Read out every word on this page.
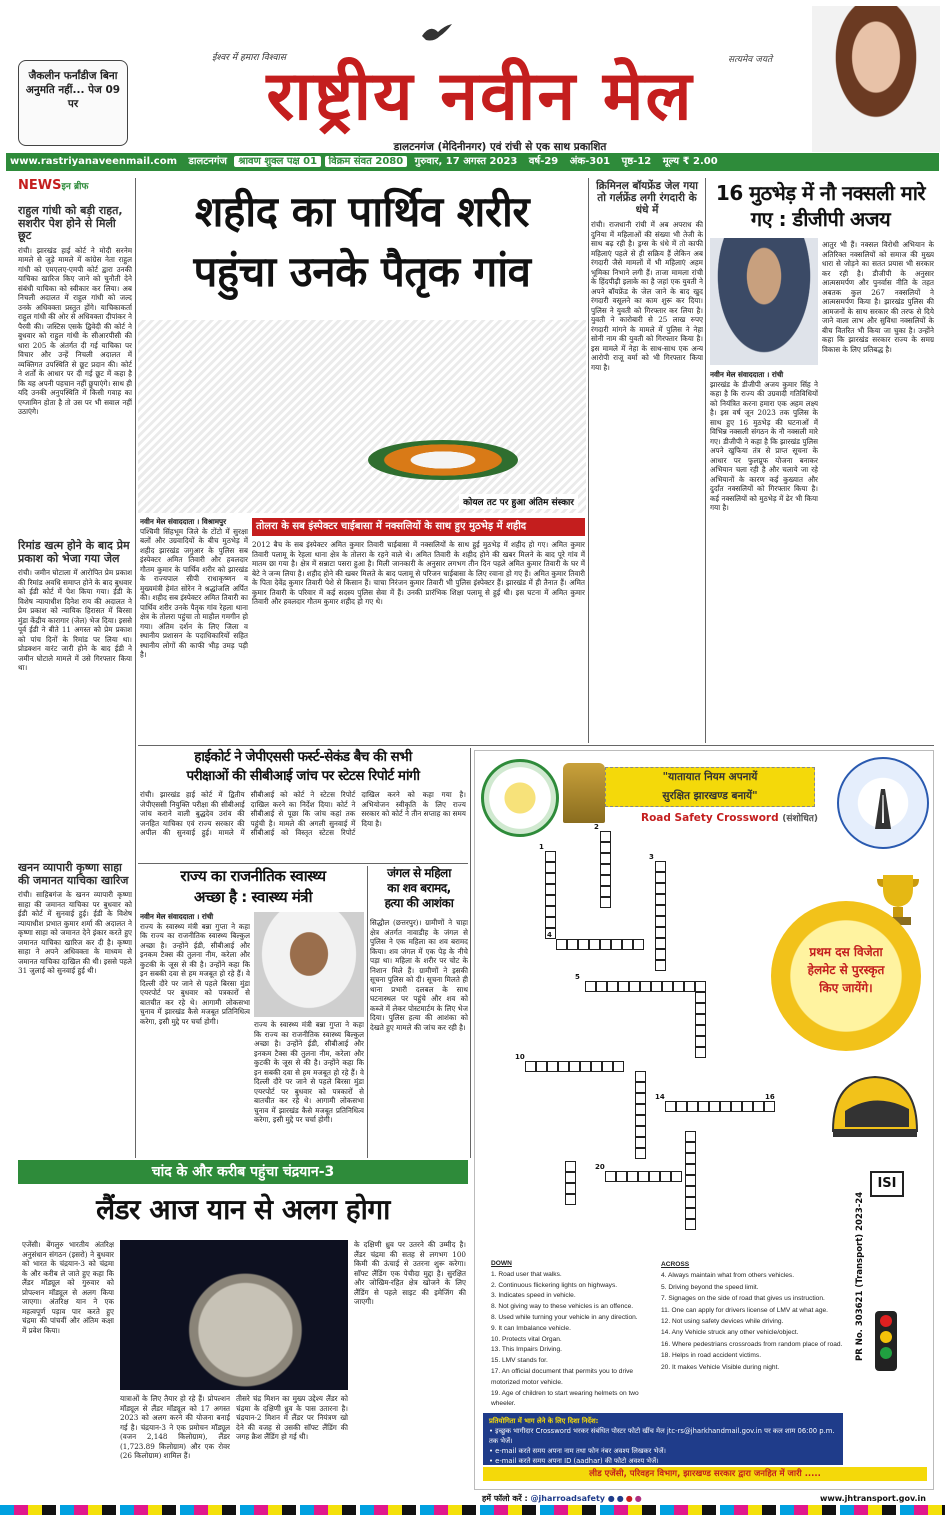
जैकलीन फर्नांडीज बिना अनुमति नहीं... पेज 09 पर
ईश्वर में हमारा विश्वास	सत्यमेव जयते
राष्ट्रीय नवीन मेल
डालटनगंज (मेदिनीनगर) एवं रांची से एक साथ प्रकाशित
www.rastriyanaveenmail.com डालटनगंज श्रावण शुक्ल पक्ष 01 विक्रम संवत 2080 गुरुवार, 17 अगस्त 2023 वर्ष-29 अंक-301 पृष्ठ-12 मूल्य ₹ 2.00
NEWSइन ब्रीफ
राहुल गांधी को बड़ी राहत, सशरीर पेश होने से मिली छूट
रांची। झारखंड हाई कोर्ट ने मोदी सरनेम मामले से जुड़े मामले में कांग्रेस नेता राहुल गांधी को एमएलए-एमपी कोर्ट द्वारा उनकी याचिका खारिज किए जाने को चुनौती देने संबंधी याचिका को स्वीकार कर लिया। अब निचली अदालत में राहुल गांधी को जल्द उनके अधिवक्ता प्रस्तुत होंगे। याचिकाकर्ता राहुल गांधी की ओर से अधिवक्ता दीपांकर ने पैरवी की। जस्टिस एसके द्विवेदी की कोर्ट ने बुधवार को राहुल गांधी के सीआरपीसी की धारा 205 के अंतर्गत दी गई याचिका पर विचार और उन्हें निचली अदालत में व्यक्तिगत उपस्थिति से छूट प्रदान की। कोर्ट ने शर्तों के आधार पर दी गई छूट में कहा है कि यह अपनी पहचान नहीं छुपाएंगे। साथ ही यदि उनकी अनुपस्थिति में किसी गवाह का एग्जामिन होता है तो उस पर भी सवाल नहीं उठाएंगे।
रिमांड खत्म होने के बाद प्रेम प्रकाश को भेजा गया जेल
रांची। जमीन घोटाला में आरोपित प्रेम प्रकाश की रिमांड अवधि समाप्त होने के बाद बुधवार को ईडी कोर्ट में पेश किया गया। ईडी के विशेष न्यायाधीश दिनेश राय की अदालत ने प्रेम प्रकाश को न्यायिक हिरासत में बिरसा मुंडा केंद्रीय कारागार (जेल) भेज दिया। इससे पूर्व ईडी ने बीते 11 अगस्त को प्रेम प्रकाश को पांच दिनों के रिमांड पर लिया था। प्रोडक्शन वारंट जारी होने के बाद ईडी ने जमीन घोटाले मामले में उसे गिरफ्तार किया था।
खनन व्यापारी कृष्णा साहा की जमानत याचिका खारिज
रांची। साहिबगंज के खनन व्यापारी कृष्णा साहा की जमानत याचिका पर बुधवार को ईडी कोर्ट में सुनवाई हुई। ईडी के विशेष न्यायाधीश प्रभात कुमार शर्मा की अदालत ने कृष्णा साहा को जमानत देने इंकार करते हुए जमानत याचिका खारिज कर दी है। कृष्णा साहा ने अपने अधिवक्ता के माध्यम से जमानत याचिका दाखिल की थी। इससे पहले 31 जुलाई को सुनवाई हुई थी।
शहीद का पार्थिव शरीर
पहुंचा उनके पैतृक गांव
कोयल तट पर हुआ अंतिम संस्कार
नवीन मेल संवाददाता । विश्रामपुर
पश्चिमी सिंहभूम जिले के टोंटो में सुरक्षा बलों और उग्रवादियों के बीच मुठभेड़ में शहीद झारखंड जगुआर के पुलिस सब इंस्पेक्टर अमित तिवारी और हवलदार गौतम कुमार के पार्थिव शरीर को झारखंड के राज्यपाल सीपी राधाकृष्णन व मुख्यमंत्री हेमंत सोरेन ने श्रद्धांजलि अर्पित की। शहीद सब इंस्पेक्टर अमित तिवारी का पार्थिव शरीर उनके पैतृक गांव रेहला थाना क्षेत्र के तोलरा पहुंचा तो माहौल गमगीन हो गया। अंतिम दर्शन के लिए जिला व स्थानीय प्रशासन के पदाधिकारियों सहित स्थानीय लोगों की काफी भीड़ उमड़ पड़ी है।
तोलरा के सब इंस्पेक्टर चाईबासा में नक्सलियों के साथ हुए मुठभेड़ में शहीद
2012 बैच के सब इंस्पेक्टर अमित कुमार तिवारी चाईबासा में नक्सलियों के साथ हुई मुठभेड़ में शहीद हो गए। अमित कुमार तिवारी पलामू के रेहला थाना क्षेत्र के तोलरा के रहने वाले थे। अमित तिवारी के शहीद होने की खबर मिलने के बाद पूरे गांव में मातम छा गया है। क्षेत्र में सन्नाटा पसरा हुआ है। मिली जानकारी के अनुसार लगभग तीन दिन पहले अमित कुमार तिवारी के घर में बेटे ने जन्म लिया है। शहीद होने की खबर मिलते के बाद पलामू से परिजन चाईबासा के लिए रवाना हो गए हैं। अमित कुमार तिवारी के पिता देवेंद्र कुमार तिवारी पेशे से किसान हैं। चाचा निरंजन कुमार तिवारी भी पुलिस इंस्पेक्टर हैं। झारखंड में ही तैनात हैं। अमित कुमार तिवारी के परिवार में कई सदस्य पुलिस सेवा में हैं। उनकी प्रारंभिक शिक्षा पलामू से हुई थी। इस घटना में अमित कुमार तिवारी और हवलदार गौतम कुमार शहीद हो गए थे।
क्रिमिनल बॉयफ्रेंड जेल गया तो गर्लफ्रेंड लगी रंगदारी के धंधे में
रांची। राजधानी रांची में अब अपराध की दुनिया में महिलाओं की संख्या भी तेजी के साथ बढ़ रही है। ड्रग्स के धंधे में तो काफी महिलाएं पहले से ही सक्रिय हैं लेकिन अब रंगदारी जैसे मामलों में भी महिलाएं अहम भूमिका निभाने लगी हैं। ताजा मामला रांची के हिंदपीढ़ी इलाके का है जहां एक युवती ने अपने बॉयफ्रेंड के जेल जाने के बाद खुद रंगदारी वसूलने का काम शुरू कर दिया। पुलिस ने युवती को गिरफ्तार कर लिया है। युवती ने कारोबारी से 25 लाख रुपए रंगदारी मांगने के मामले में पुलिस ने नेहा सोनी नाम की युवती को गिरफ्तार किया है। इस मामले में नेहा के साथ-साथ एक अन्य आरोपी राजू वर्मा को भी गिरफ्तार किया गया है।
16 मुठभेड़ में नौ नक्सली मारे गए : डीजीपी अजय
नवीन मेल संवाददाता । रांची
झारखंड के डीजीपी अजय कुमार सिंह ने कहा है कि राज्य की उग्रवादी गतिविधियों को नियंत्रित करना हमारा एक अहम लक्ष्य है। इस वर्ष जून 2023 तक पुलिस के साथ हुए 16 मुठभेड़ की घटनाओं में विभिन्न नक्सली संगठन के नौ नक्सली मारे गए। डीजीपी ने कहा है कि झारखंड पुलिस अपने खुफिया तंत्र से प्राप्त सूचना के आधार पर फुलप्रूफ योजना बनाकर अभियान चला रही है और चलाये जा रहे अभियानों के कारण कई कुख्यात और दुर्दांत नक्सलियों को गिरफ्तार किया है। कई नक्सलियों को मुठभेड़ में ढेर भी किया गया है।
आतुर भी हैं। नक्सल विरोधी अभियान के अतिरिक्त नक्सलियों को समाज की मुख्य धारा से जोड़ने का सतत प्रयास भी सरकार कर रही है। डीजीपी के अनुसार आत्मसमर्पण और पुनर्वास नीति के तहत अबतक कुल 267 नक्सलियों ने आत्मसमर्पण किया है। झारखंड पुलिस की आमजनों के साथ सरकार की तरफ से दिये जाने वाला लाभ और सुविधा नक्सलियों के बीच वितरित भी किया जा चुका है। उन्होंने कहा कि झारखंड सरकार राज्य के समग्र विकास के लिए प्रतिबद्ध है।
हाईकोर्ट ने जेपीएससी फर्स्ट-सेकंड बैच की सभी
परीक्षाओं की सीबीआई जांच पर स्टेटस रिपोर्ट मांगी
रांची। झारखंड हाई कोर्ट में द्वितीय जेपीएससी नियुक्ति परीक्षा की सीबीआई जांच कराने वाली बुद्धदेव उरांव की जनहित याचिका एवं राज्य सरकार की अपील की सुनवाई हुई। मामले में सीबीआई को कोर्ट ने स्टेटस रिपोर्ट दाखिल करने का निर्देश दिया। कोर्ट ने सीबीआई से पूछा कि जांच कहां तक पहुंची है। मामले की अगली सुनवाई में सीबीआई को विस्तृत स्टेटस रिपोर्ट दाखिल करने को कहा गया है। अभियोजन स्वीकृति के लिए राज्य सरकार को कोर्ट ने तीन सप्ताह का समय दिया है।
राज्य का राजनीतिक स्वास्थ्य
अच्छा है : स्वास्थ्य मंत्री
नवीन मेल संवाददाता । रांची
राज्य के स्वास्थ्य मंत्री बन्ना गुप्ता ने कहा कि राज्य का राजनीतिक स्वास्थ्य बिल्कुल अच्छा है। उन्होंने ईडी, सीबीआई और इनकम टैक्स की तुलना नीम, करेला और कुटकी के जूस से की है। उन्होंने कहा कि इन सबकी दवा से हम मजबूत हो रहे हैं। वे दिल्ली दौरे पर जाने से पहले बिरसा मुंडा एयरपोर्ट पर बुधवार को पत्रकारों से बातचीत कर रहे थे। आगामी लोकसभा चुनाव में झारखंड कैसे मजबूत प्रतिनिधित्व करेगा, इसी मुद्दे पर चर्चा होगी।	राज्य के स्वास्थ्य मंत्री बन्ना गुप्ता ने कहा कि राज्य का राजनीतिक स्वास्थ्य बिल्कुल अच्छा है। उन्होंने ईडी, सीबीआई और इनकम टैक्स की तुलना नीम, करेला और कुटकी के जूस से की है। उन्होंने कहा कि इन सबकी दवा से हम मजबूत हो रहे हैं। वे दिल्ली दौरे पर जाने से पहले बिरसा मुंडा एयरपोर्ट पर बुधवार को पत्रकारों से बातचीत कर रहे थे। आगामी लोकसभा चुनाव में झारखंड कैसे मजबूत प्रतिनिधित्व करेगा, इसी मुद्दे पर चर्चा होगी।
जंगल से महिला
का शव बरामद,
हत्या की आशंका
सिद्धौल (छत्तरपुर)। ग्रामीणों ने चाहा क्षेत्र अंतर्गत नावाडीह के जंगल से पुलिस ने एक महिला का शव बरामद किया। शव जंगल में एक पेड़ के नीचे पड़ा था। महिला के शरीर पर चोट के निशान मिले हैं। ग्रामीणों ने इसकी सूचना पुलिस को दी। सूचना मिलते ही थाना प्रभारी दलबल के साथ घटनास्थल पर पहुंचे और शव को कब्जे में लेकर पोस्टमार्टम के लिए भेज दिया। पुलिस हत्या की आशंका को देखते हुए मामले की जांच कर रही है।
"यातायात नियम अपनायें
सुरक्षित झारखण्ड बनायें"
Road Safety Crossword (संशोधित)
1
2
3
4
5
10
14	16
20
प्रथम दस विजेता
हेलमेट से पुरस्कृत
किए जायेंगे।
ISI
DOWN
1. Road user that walks.
2. Continuous flickering lights on highways.
3. Indicates speed in vehicle.
8. Not giving way to these vehicles is an offence.
8. Used while turning your vehicle in any direction.
9. It can Imbalance vehicle.
10. Protects vital Organ.
13. This Impairs Driving.
15. LMV stands for.
17. An official document that permits you to drive motorized motor vehicle.
19. Age of children to start wearing helmets on two wheeler.
ACROSS
4. Always maintain what from others vehicles.
5. Driving beyond the speed limit.
7. Signages on the side of road that gives us instruction.
11. One can apply for drivers license of LMV at what age.
12. Not using safety devices while driving.
14. Any Vehicle struck any other vehicle/object.
16. Where pedestrians crossroads from random place of road.
18. Helps in road accident victims.
20. It makes Vehicle Visible during night.
PR No. 303621 (Transport) 2023-24
प्रतियोगिता में भाग लेने के लिए दिशा निर्देश:
• इच्छुक भागीदार Crossword भरकर संबंधित पोस्टर फोटो खींच मेल jtc-rs@jharkhandmail.gov.in पर कल शाम 06:00 p.m. तक भेजें।
• e-mail करते समय अपना नाम तथा फोन नंबर अवश्य लिखकर भेजें।
• e-mail करते समय अपना ID (aadhar) की फोटो अवश्य भेजें।
लीड एजेंसी, परिवहन विभाग, झारखण्ड सरकार द्वारा जनहित में जारी .....
हमें फॉलो करें : @jharroadsafety ●●●●	www.jhtransport.gov.in
चांद के और करीब पहुंचा चंद्रयान-3
लैंडर आज यान से अलग होगा
एजेंसी। बेंगलुरु भारतीय अंतरिक्ष अनुसंधान संगठन (इसरो) ने बुधवार को भारत के चंद्रयान-3 को चंद्रमा के और करीब ले जाते हुए कहा कि लैंडर मॉड्यूल को गुरुवार को प्रोपल्शन मॉड्यूल से अलग किया जाएगा। अंतरिक्ष यान ने एक महत्वपूर्ण पड़ाव पार करते हुए चंद्रमा की पांचवीं और अंतिम कक्षा में प्रवेश किया।
यात्राओं के लिए तैयार हो रहे हैं। प्रोपल्शन मॉड्यूल से लैंडर मॉड्यूल को 17 अगस्त 2023 को अलग करने की योजना बनाई गई है। चंद्रयान-3 ने एक प्रमोचन मॉड्यूल (वजन 2,148 किलोग्राम), लैंडर (1,723.89 किलोग्राम) और एक रोवर (26 किलोग्राम) शामिल हैं।
तीसरे चंद्र मिशन का मुख्य उद्देश्य लैंडर को चंद्रमा के दक्षिणी ध्रुव के पास उतारना है। चंद्रयान-2 मिशन में लैंडर पर नियंत्रण खो देने की वजह से उसकी सॉफ्ट लैंडिंग की जगह क्रैश लैंडिंग हो गई थी।
के दक्षिणी ध्रुव पर उतरने की उम्मीद है। लैंडर चंद्रमा की सतह से लगभग 100 किमी की ऊंचाई से उतरना शुरू करेगा। सॉफ्ट लैंडिंग एक पेचीदा मुद्दा है। सुरक्षित और जोखिम-रहित क्षेत्र खोजने के लिए लैंडिंग से पहले साइट की इमेजिंग की जाएगी।
